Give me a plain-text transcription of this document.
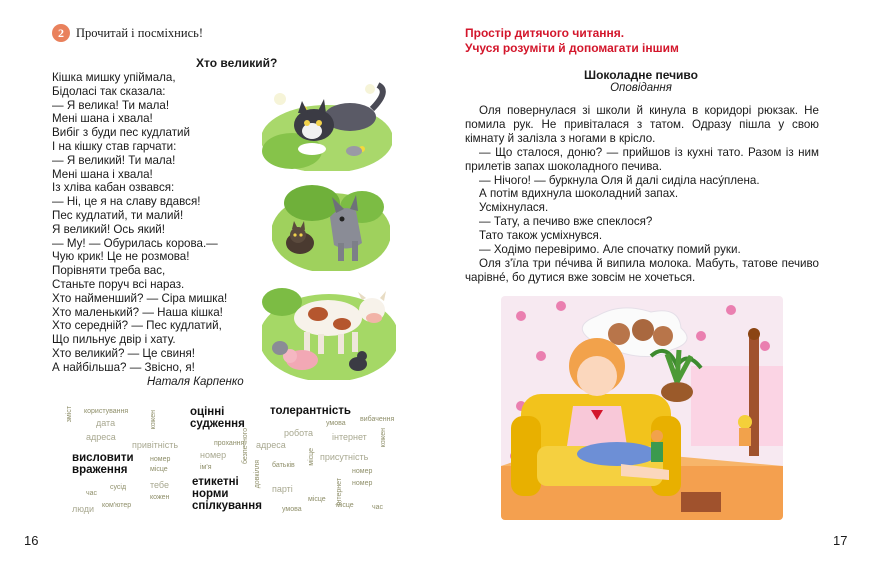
2 Прочитай і посміхнись!
Хто великий?
Кішка мишку упіймала,
Бідоласі так сказала:
— Я велика! Ти мала!
Мені шана і хвала!
Вибіг з буди пес кудлатий
І на кішку став гарчати:
— Я великий! Ти мала!
Мені шана і хвала!
Із хліва кабан озвався:
— Ні, це я на славу вдався!
Пес кудлатий, ти малий!
Я великий! Ось який!
— Му! — Обурилась корова.—
Чую крик! Це не розмова!
Порівняти треба вас,
Станьте поруч всі нараз.
Хто найменший? — Сіра мишка!
Хто маленький? — Наша кішка!
Хто середній? — Пес кудлатий,
Що пильнує двір і хату.
Хто великий? — Це свиня!
А найбільша? — Звісно, я!
Наталя Карпенко
зміст користування
дата	кожен	оцінні судження
толерантність
вибачення
умова
безпечного
адреса
привітність
робота
прохання адреса
інтернет кожен
висловити враження
номер	номер	присутність
місце
місце	ім'я	батьків
номер
довкілля
тебе етикетні норми спілкування
парті	інтернет номер
сусід
кожен
час
місце
люди ком'ютер
умова
місце	час
16
Простір дитячого читання.
Учуся розуміти й допомагати іншим
Шоколадне печиво
Оповідання

Оля повернулася зі школи й кинула в коридорі рюкзак. Не помила рук. Не привіталася з татом. Одразу пішла у свою кімнату й залізла з ногами в крісло.

— Що сталося, доню? — прийшов із кухні тато. Разом із ним прилетів запах шоколадного печива.

— Нічого! — буркнула Оля й далі сиділа насу́плена.

А потім вдихнула шоколадний запах.

Усміхнулася.

— Тату, а печиво вже спеклося?

Тато також усміхнувся.

— Ходімо перевіримо. Але спочатку помий руки.

Оля з'їла три пе́чива й випила молока. Мабуть, татове печиво чарівне́, бо дутися вже зовсім не хочеться.

17
